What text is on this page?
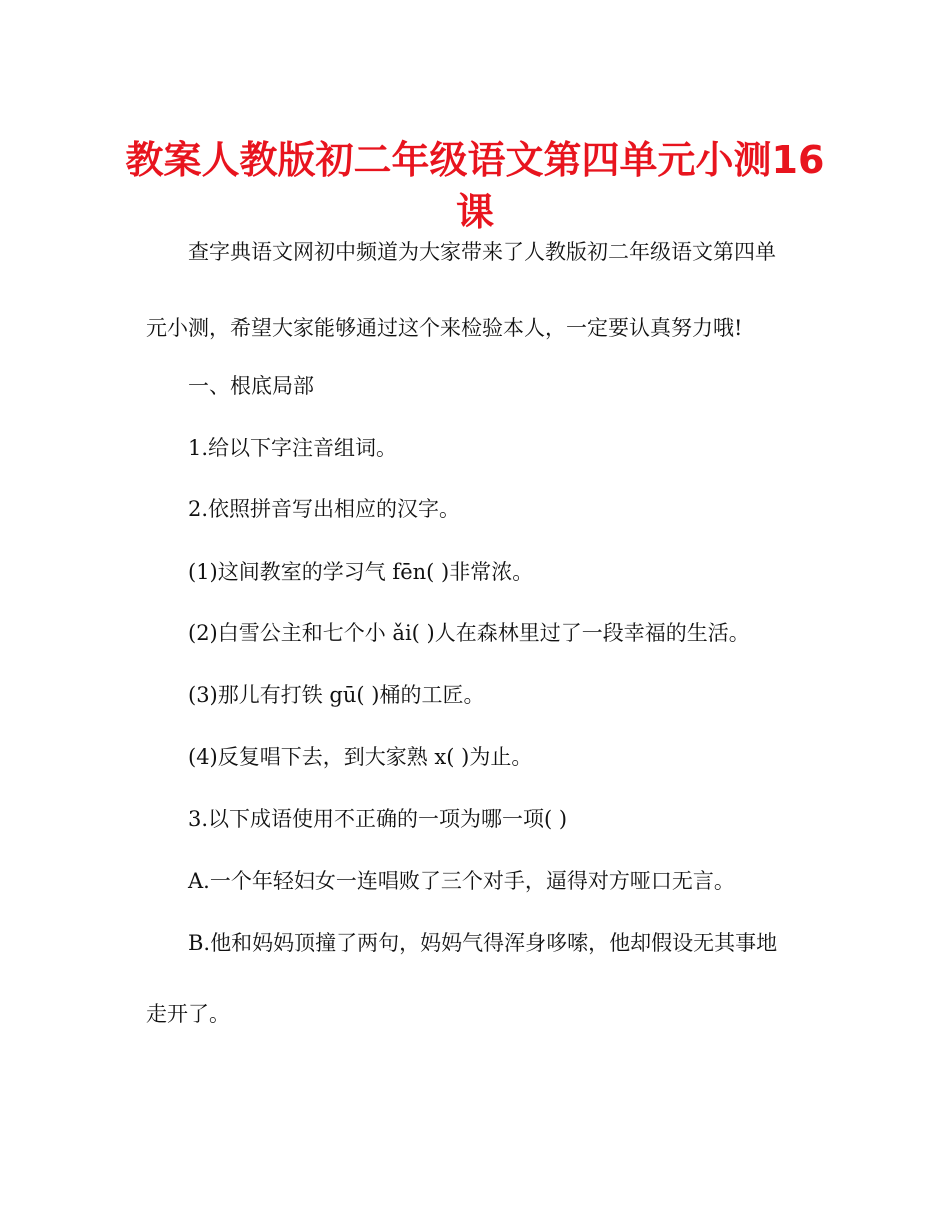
教案人教版初二年级语文第四单元小测16课

查字典语文网初中频道为大家带来了人教版初二年级语文第四单

元小测，希望大家能够通过这个来检验本人，一定要认真努力哦!

一、根底局部

1.给以下字注音组词。

2.依照拼音写出相应的汉字。

(1)这间教室的学习气 fēn( )非常浓。

(2)白雪公主和七个小 ǎi( )人在森林里过了一段幸福的生活。

(3)那儿有打铁 gū( )桶的工匠。

(4)反复唱下去，到大家熟 x( )为止。

3.以下成语使用不正确的一项为哪一项( )

A.一个年轻妇女一连唱败了三个对手，逼得对方哑口无言。

B.他和妈妈顶撞了两句，妈妈气得浑身哆嗦，他却假设无其事地

走开了。
